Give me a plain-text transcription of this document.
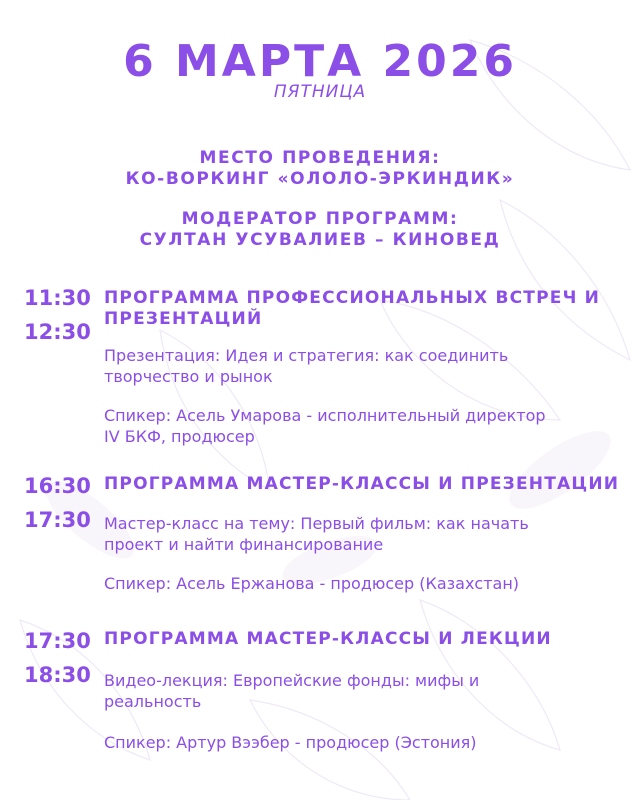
6 МАРТА 2026
ПЯТНИЦА
МЕСТО ПРОВЕДЕНИЯ:
КО-ВОРКИНГ «ОЛОЛО-ЭРКИНДИК»
МОДЕРАТОР ПРОГРАММ:
СУЛТАН УСУВАЛИЕВ – КИНОВЕД
11:30
12:30
ПРОГРАММА ПРОФЕССИОНАЛЬНЫХ ВСТРЕЧ И
ПРЕЗЕНТАЦИЙ
Презентация: Идея и стратегия: как соединить
творчество и рынок
Спикер: Асель Умарова - исполнительный директор
IV БКФ, продюсер
16:30
17:30
ПРОГРАММА МАСТЕР-КЛАССЫ И ПРЕЗЕНТАЦИИ
Мастер-класс на тему: Первый фильм: как начать
проект и найти финансирование
Спикер: Асель Ержанова - продюсер (Казахстан)
17:30
18:30
ПРОГРАММА МАСТЕР-КЛАССЫ И ЛЕКЦИИ
Видео-лекция: Европейские фонды: мифы и
реальность
Спикер: Артур Вээбер - продюсер (Эстония)
